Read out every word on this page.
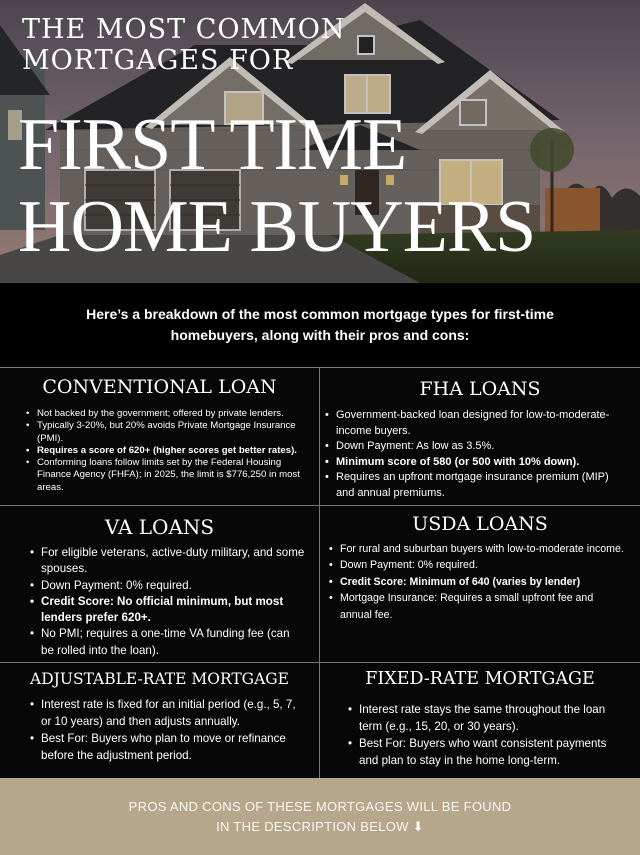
THE MOST COMMON
MORTGAGES FOR
FIRST TIME
HOME BUYERS

Here’s a breakdown of the most common mortgage types for first-time homebuyers, along with their pros and cons:

CONVENTIONAL LOAN
• Not backed by the government; offered by private lenders.
• Typically 3-20%, but 20% avoids Private Mortgage Insurance (PMI).
• Requires a score of 620+ (higher scores get better rates).
• Conforming loans follow limits set by the Federal Housing Finance Agency (FHFA); in 2025, the limit is $776,250 in most areas.
FHA LOANS
• Government-backed loan designed for low-to-moderate-income buyers.
• Down Payment: As low as 3.5%.
• Minimum score of 580 (or 500 with 10% down).
• Requires an upfront mortgage insurance premium (MIP) and annual premiums.
VA LOANS
• For eligible veterans, active-duty military, and some spouses.
• Down Payment: 0% required.
• Credit Score: No official minimum, but most lenders prefer 620+.
• No PMI; requires a one-time VA funding fee (can be rolled into the loan).
USDA LOANS
• For rural and suburban buyers with low-to-moderate income.
• Down Payment: 0% required.
• Credit Score: Minimum of 640 (varies by lender)
• Mortgage Insurance: Requires a small upfront fee and annual fee.
ADJUSTABLE-RATE MORTGAGE
• Interest rate is fixed for an initial period (e.g., 5, 7, or 10 years) and then adjusts annually.
• Best For: Buyers who plan to move or refinance before the adjustment period.
FIXED-RATE MORTGAGE
• Interest rate stays the same throughout the loan term (e.g., 15, 20, or 30 years).
• Best For: Buyers who want consistent payments and plan to stay in the home long-term.
PROS AND CONS OF THESE MORTGAGES WILL BE FOUND
IN THE DESCRIPTION BELOW ⬇
